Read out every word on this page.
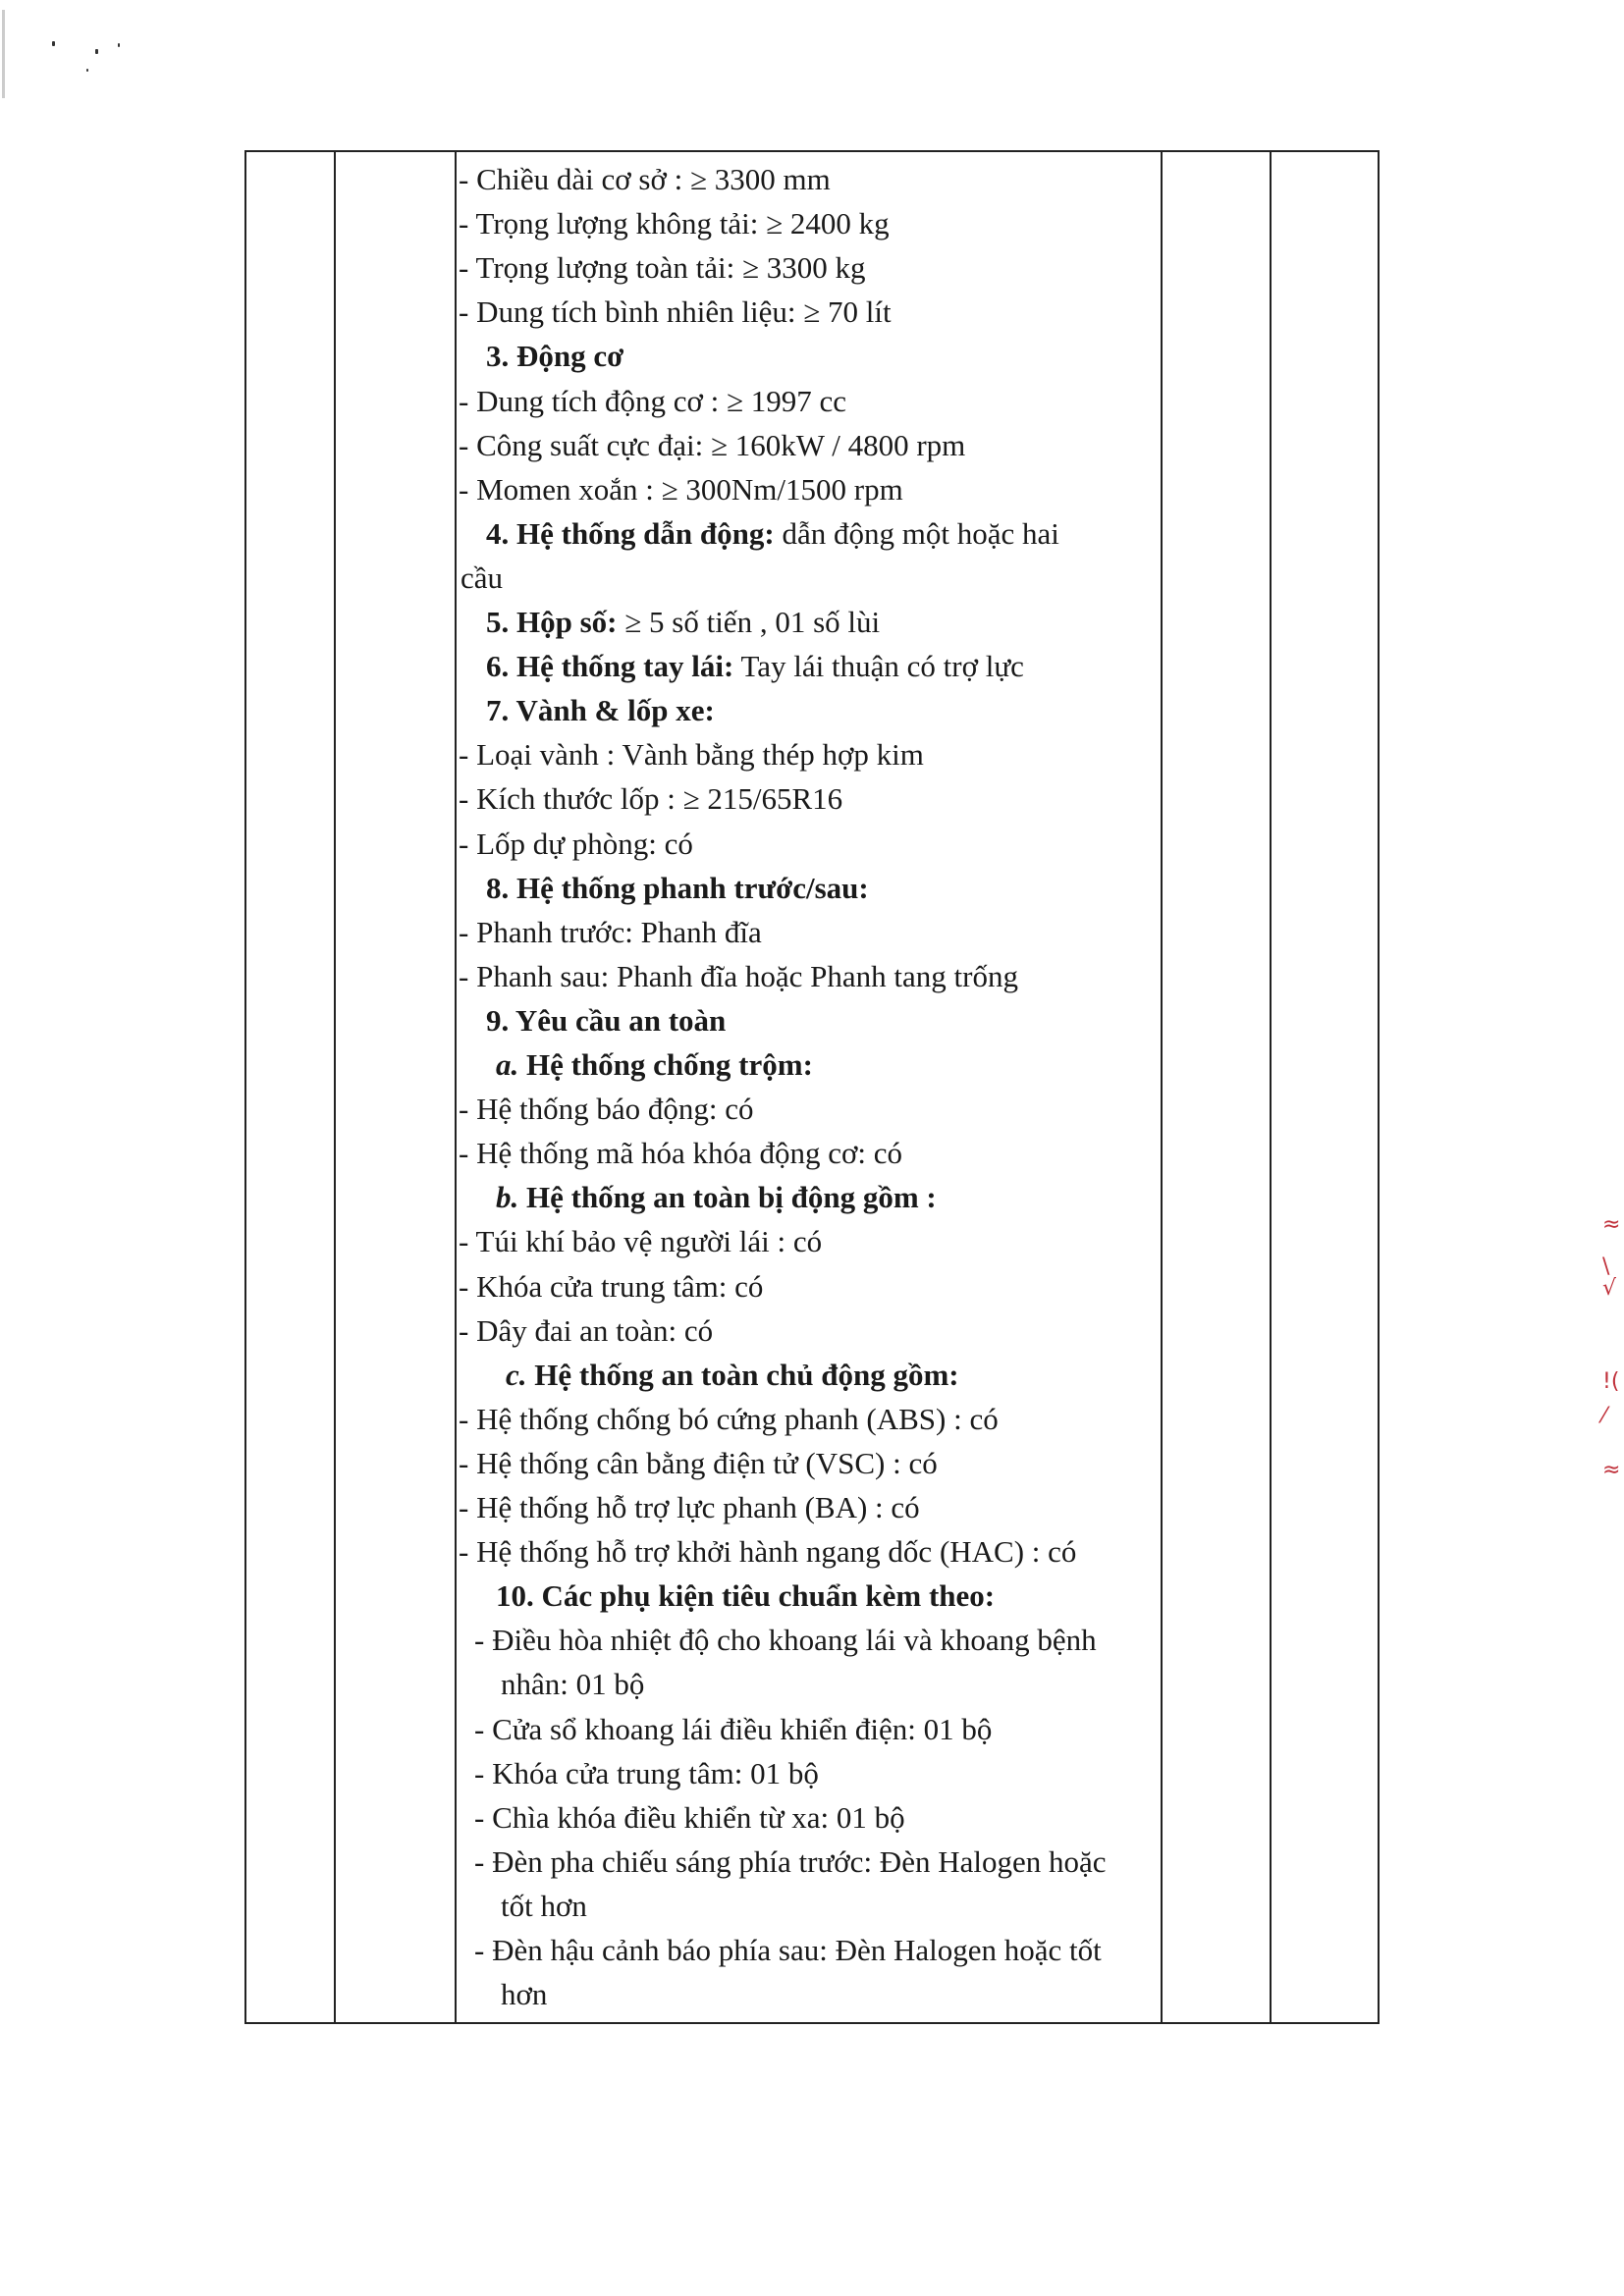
- Chiều dài cơ sở : ≥ 3300 mm
- Trọng lượng không tải: ≥ 2400 kg
- Trọng lượng toàn tải: ≥ 3300 kg
- Dung tích bình nhiên liệu: ≥ 70 lít
3. Động cơ
- Dung tích động cơ : ≥ 1997 cc
- Công suất cực đại: ≥ 160kW / 4800 rpm
- Momen xoắn : ≥ 300Nm/1500 rpm
4. Hệ thống dẫn động: dẫn động một hoặc hai
cầu
5. Hộp số: ≥ 5 số tiến , 01 số lùi
6. Hệ thống tay lái: Tay lái thuận có trợ lực
7. Vành & lốp xe:
- Loại vành : Vành bằng thép hợp kim
- Kích thước lốp : ≥ 215/65R16
- Lốp dự phòng: có
8. Hệ thống phanh trước/sau:
- Phanh trước: Phanh đĩa
- Phanh sau: Phanh đĩa hoặc Phanh tang trống
9. Yêu cầu an toàn
a. Hệ thống chống trộm:
- Hệ thống báo động: có
- Hệ thống mã hóa khóa động cơ: có
b. Hệ thống an toàn bị động gồm :
- Túi khí bảo vệ người lái : có
- Khóa cửa trung tâm: có
- Dây đai an toàn: có
c. Hệ thống an toàn chủ động gồm:
- Hệ thống chống bó cứng phanh (ABS) : có
- Hệ thống cân bằng điện tử (VSC) : có
- Hệ thống hỗ trợ lực phanh (BA) : có
- Hệ thống hỗ trợ khởi hành ngang dốc (HAC) : có
10. Các phụ kiện tiêu chuẩn kèm theo:
- Điều hòa nhiệt độ cho khoang lái và khoang bệnh
nhân: 01 bộ
- Cửa sổ khoang lái điều khiển điện: 01 bộ
- Khóa cửa trung tâm: 01 bộ
- Chìa khóa điều khiển từ xa: 01 bộ
- Đèn pha chiếu sáng phía trước: Đèn Halogen hoặc
tốt hơn
- Đèn hậu cảnh báo phía sau: Đèn Halogen hoặc tốt
hơn
≈
\
√
!(
⁄
≈
